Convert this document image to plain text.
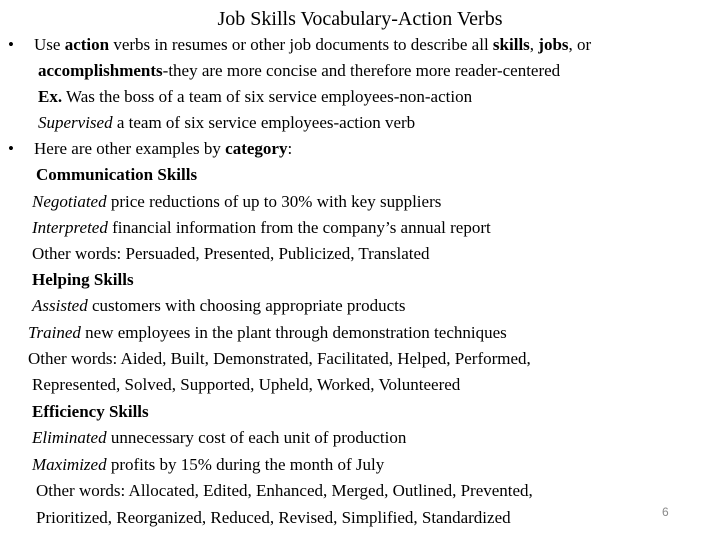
Job Skills Vocabulary-Action Verbs
• Use action verbs in resumes or other job documents to describe all skills, jobs, or
accomplishments-they are more concise and therefore more reader-centered
Ex. Was the boss of a team of six service employees-non-action
Supervised a team of six service employees-action verb
• Here are other examples by category:
Communication Skills
Negotiated price reductions of up to 30% with key suppliers
Interpreted financial information from the company’s annual report
Other words: Persuaded, Presented, Publicized, Translated
Helping Skills
Assisted customers with choosing appropriate products
Trained new employees in the plant through demonstration techniques
Other words: Aided, Built, Demonstrated, Facilitated, Helped, Performed,
Represented, Solved, Supported, Upheld, Worked, Volunteered
Efficiency Skills
Eliminated unnecessary cost of each unit of production
Maximized profits by 15% during the month of July
Other words: Allocated, Edited, Enhanced, Merged, Outlined, Prevented,
Prioritized, Reorganized, Reduced, Revised, Simplified, Standardized	6
